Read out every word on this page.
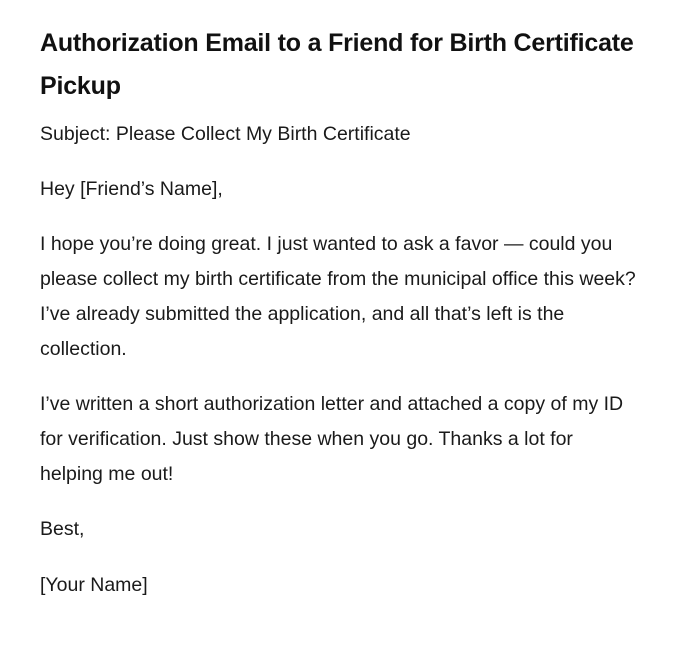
Authorization Email to a Friend for Birth Certificate Pickup

Subject: Please Collect My Birth Certificate

Hey [Friend’s Name],

I hope you’re doing great. I just wanted to ask a favor — could you please collect my birth certificate from the municipal office this week? I’ve already submitted the application, and all that’s left is the collection.

I’ve written a short authorization letter and attached a copy of my ID for verification. Just show these when you go. Thanks a lot for helping me out!

Best,

[Your Name]
